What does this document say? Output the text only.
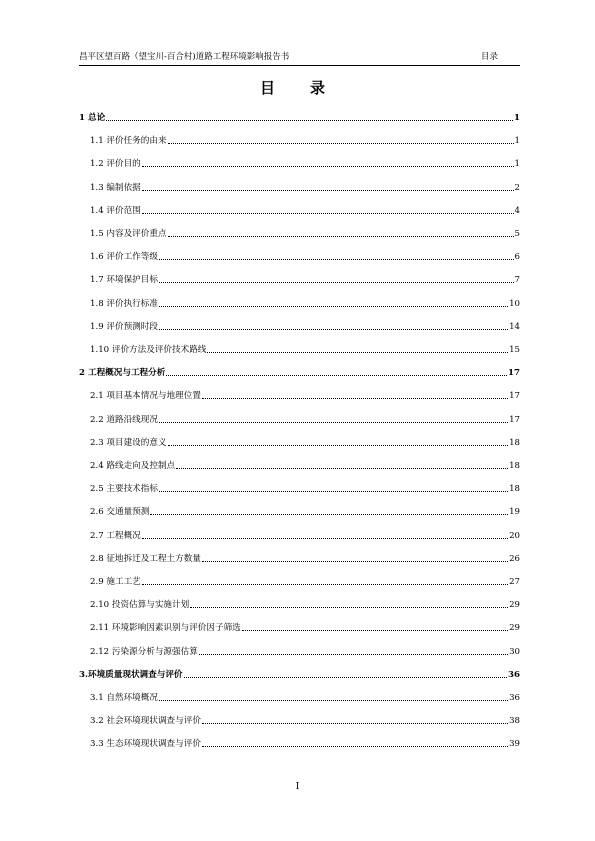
昌平区望百路（望宝川-百合村)道路工程环境影响报告书	目录
目　录
1 总论	1
1.1 评价任务的由来	1
1.2 评价目的	1
1.3 编制依据	2
1.4 评价范围	4
1.5 内容及评价重点	5
1.6 评价工作等级	6
1.7 环境保护目标	7
1.8 评价执行标准	10
1.9 评价预测时段	14
1.10 评价方法及评价技术路线	15
2 工程概况与工程分析	17
2.1 项目基本情况与地理位置	17
2.2 道路沿线现况	17
2.3 项目建设的意义	18
2.4 路线走向及控制点	18
2.5 主要技术指标	18
2.6 交通量预测	19
2.7 工程概况	20
2.8 征地拆迁及工程土方数量	26
2.9 施工工艺	27
2.10 投资估算与实施计划	29
2.11 环境影响因素识别与评价因子筛选	29
2.12 污染源分析与源强估算	30
3.环境质量现状调查与评价	36
3.1 自然环境概况	36
3.2 社会环境现状调查与评价	38
3.3 生态环境现状调查与评价	39
I
